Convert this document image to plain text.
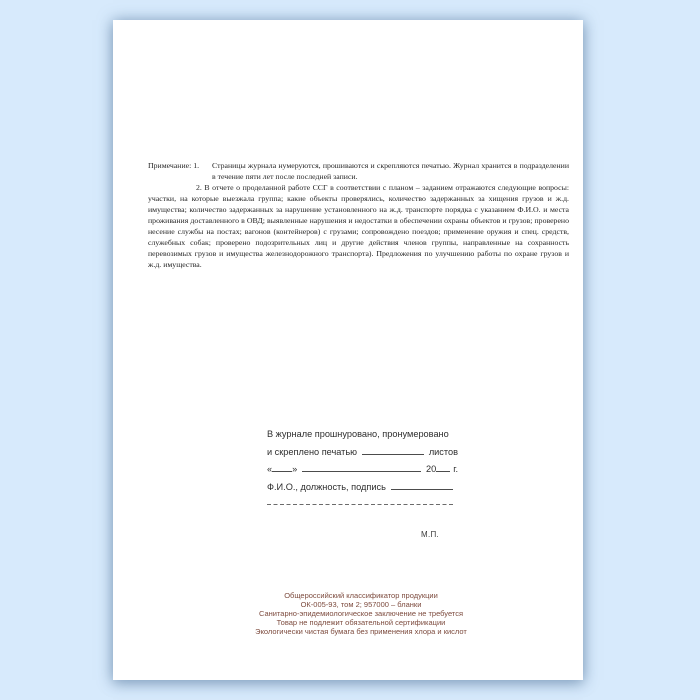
Примечание: 1.	Страницы журнала нумеруются, прошиваются и скрепляются печатью. Журнал хранится в подразделении в течение пяти лет после последней записи.
2. В отчете о проделанной работе ССГ в соответствии с планом – заданием отражаются следующие вопросы: участки, на которые выезжала группа; какие объекты проверялись, количество задержанных за хищения грузов и ж.д. имущества; количество задержанных за нарушение установленного на ж.д. транспорте порядка с указанием Ф.И.О. и места проживания доставленного в ОВД; выявленные нарушения и недостатки в обеспечении охраны объектов и грузов; проверено несение службы на постах; вагонов (контейнеров) с грузами; сопровождено поездов; применение оружия и спец. средств, служебных собак; проверено подозрительных лиц и другие действия членов группы, направленные на сохранность перевозимых грузов и имущества железнодорожного транспорта). Предложения по улучшению работы по охране грузов и ж.д. имущества.
В журнале прошнуровано, пронумеровано
и скреплено печатью	листов
« »	20 г.
Ф.И.О., должность, подпись
М.П.
Общероссийский классификатор продукции
ОК-005-93, том 2; 957000 – бланки
Санитарно-эпидемиологическое заключение не требуется
Товар не подлежит обязательной сертификации
Экологически чистая бумага без применения хлора и кислот
